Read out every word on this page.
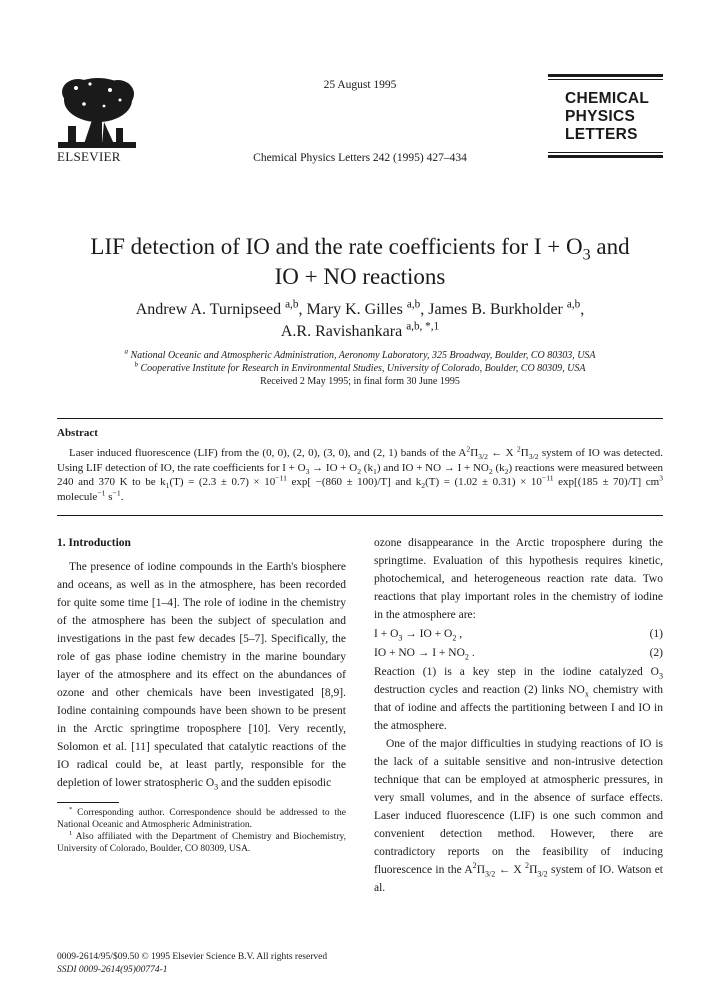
ELSEVIER
25 August 1995
Chemical Physics Letters 242 (1995) 427–434
CHEMICAL
PHYSICS
LETTERS
LIF detection of IO and the rate coefficients for $I + O_3$ and
IO + NO reactions
Andrew A. Turnipseed $^{a,b}$, Mary K. Gilles $^{a,b}$, James B. Burkholder $^{a,b}$,
A.R. Ravishankara $^{a,b, *,1}$
$^a$ National Oceanic and Atmospheric Administration, Aeronomy Laboratory, 325 Broadway, Boulder, CO 80303, USA
$^b$ Cooperative Institute for Research in Environmental Studies, University of Colorado, Boulder, CO 80309, USA
Received 2 May 1995; in final form 30 June 1995
Abstract
Laser induced fluorescence (LIF) from the (0, 0), (2, 0), (3, 0), and (2, 1) bands of the $A^2\Pi_{3/2}$ ← X $^2\Pi_{3/2}$ system of IO was detected. Using LIF detection of IO, the rate coefficients for $I + O_3$ → IO + $O_2$ $(k_1)$ and IO + NO → $I + NO_2$ $(k_2)$ reactions were measured between 240 and 370 K to be $k_1(T) = (2.3 \pm 0.7) \times 10^{-11}$ exp[ −(860 ± 100)/T] and $k_2(T) = (1.02 \pm 0.31) \times 10^{-11}$ exp[(185 ± 70)/T] $cm^3$ molecule$^{-1}$ $s^{-1}$.
1. Introduction

The presence of iodine compounds in the Earth's biosphere and oceans, as well as in the atmosphere, has been recorded for quite some time [1–4]. The role of iodine in the chemistry of the atmosphere has been the subject of speculation and investigations in the past few decades [5–7]. Specifically, the role of gas phase iodine chemistry in the marine boundary layer of the atmosphere and its effect on the abundances of ozone and other chemicals have been investigated [8,9]. Iodine containing compounds have been shown to be present in the Arctic springtime troposphere [10]. Very recently, Solomon et al. [11] speculated that catalytic reactions of the IO radical could be, at least partly, responsible for the depletion of lower stratospheric $O_3$ and the sudden episodic

* Corresponding author. Correspondence should be addressed to the National Oceanic and Atmospheric Administration.

$^1$ Also affiliated with the Department of Chemistry and Biochemistry, University of Colorado, Boulder, CO 80309, USA.

ozone disappearance in the Arctic troposphere during the springtime. Evaluation of this hypothesis requires kinetic, photochemical, and heterogeneous reaction rate data. Two reactions that play important roles in the chemistry of iodine in the atmosphere are:

$I + O_3$ → IO + $O_2$ ,	(1)
IO + NO → $I + NO_2$ .	(2)

Reaction (1) is a key step in the iodine catalyzed $O_3$ destruction cycles and reaction (2) links $NO_x$ chemistry with that of iodine and affects the partitioning between I and IO in the atmosphere.

One of the major difficulties in studying reactions of IO is the lack of a suitable sensitive and non-intrusive detection technique that can be employed at atmospheric pressures, in very small volumes, and in the absence of surface effects. Laser induced fluorescence (LIF) is one such common and convenient detection method. However, there are contradictory reports on the feasibility of inducing fluorescence in the $A^2\Pi_{3/2}$ ← X $^2\Pi_{3/2}$ system of IO. Watson et al.

0009-2614/95/$09.50 © 1995 Elsevier Science B.V. All rights reserved
SSDI 0009-2614(95)00774-1
